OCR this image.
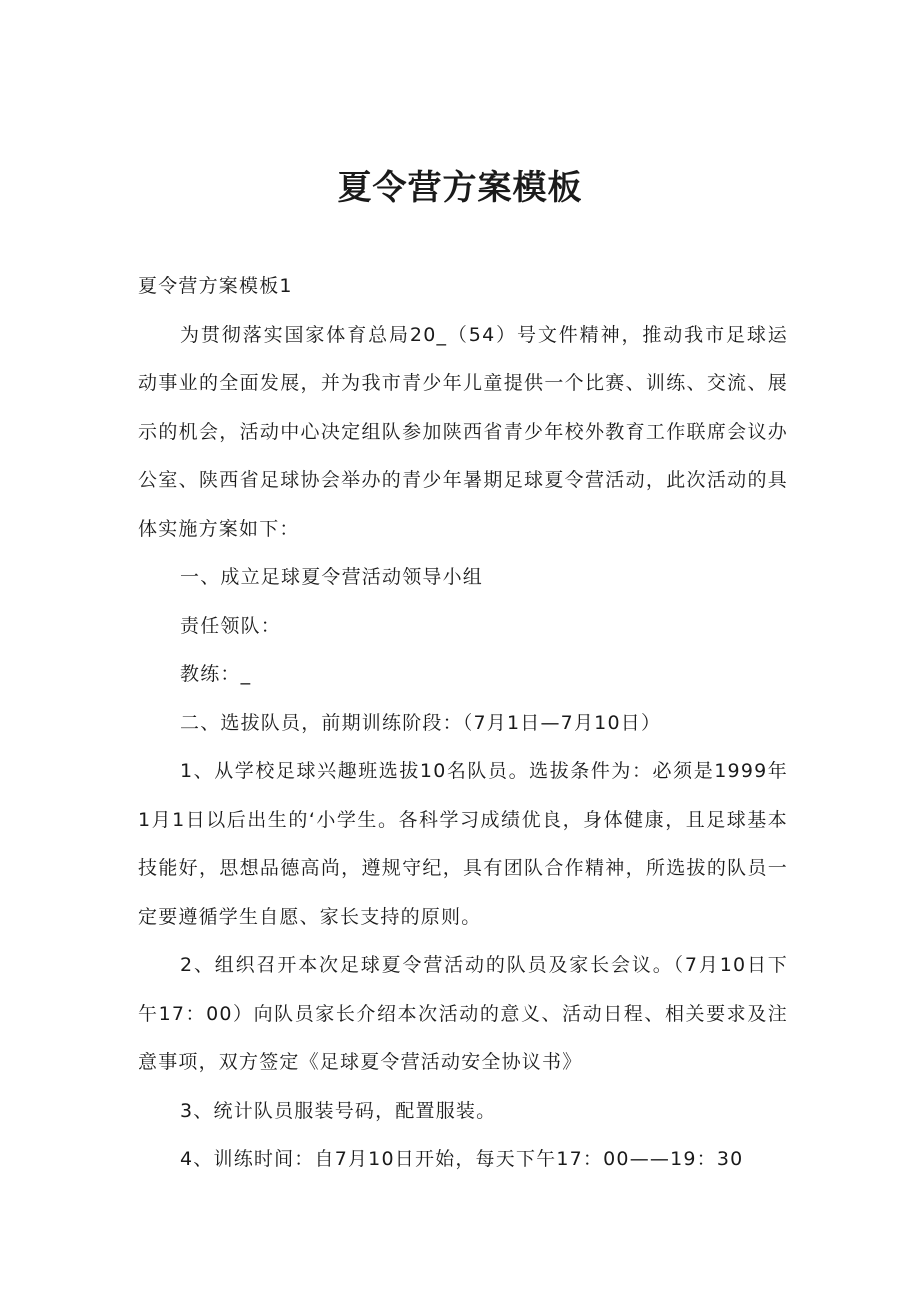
夏令营方案模板

夏令营方案模板1

为贯彻落实国家体育总局20_（54）号文件精神，推动我市足球运动事业的全面发展，并为我市青少年儿童提供一个比赛、训练、交流、展示的机会，活动中心决定组队参加陕西省青少年校外教育工作联席会议办公室、陕西省足球协会举办的青少年暑期足球夏令营活动，此次活动的具体实施方案如下：

一、成立足球夏令营活动领导小组

责任领队：

教练：_

二、选拔队员，前期训练阶段：（7月1日—7月10日）

1、从学校足球兴趣班选拔10名队员。选拔条件为：必须是1999年1月1日以后出生的‘小学生。各科学习成绩优良，身体健康，且足球基本技能好，思想品德高尚，遵规守纪，具有团队合作精神，所选拔的队员一定要遵循学生自愿、家长支持的原则。

2、组织召开本次足球夏令营活动的队员及家长会议。（7月10日下午17：00）向队员家长介绍本次活动的意义、活动日程、相关要求及注意事项，双方签定《足球夏令营活动安全协议书》

3、统计队员服装号码，配置服装。

4、训练时间：自7月10日开始，每天下午17：00——19：30
